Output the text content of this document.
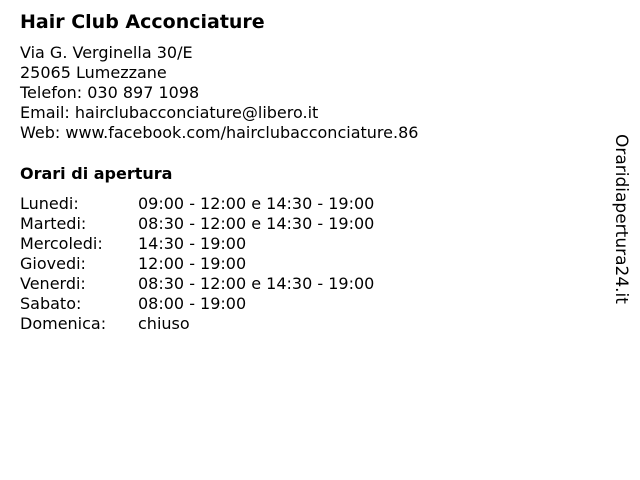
Hair Club Acconciature
Via G. Verginella 30/E
25065 Lumezzane
Telefon: 030 897 1098
Email: hairclubacconciature@libero.it
Web: www.facebook.com/hairclubacconciature.86
Orari di apertura
Lunedi:	09:00 - 12:00 e 14:30 - 19:00
Martedi:	08:30 - 12:00 e 14:30 - 19:00
Mercoledi:	14:30 - 19:00
Giovedi:	12:00 - 19:00
Venerdi:	08:30 - 12:00 e 14:30 - 19:00
Sabato:	08:00 - 19:00
Domenica:	chiuso
Oraridiapertura24.it
